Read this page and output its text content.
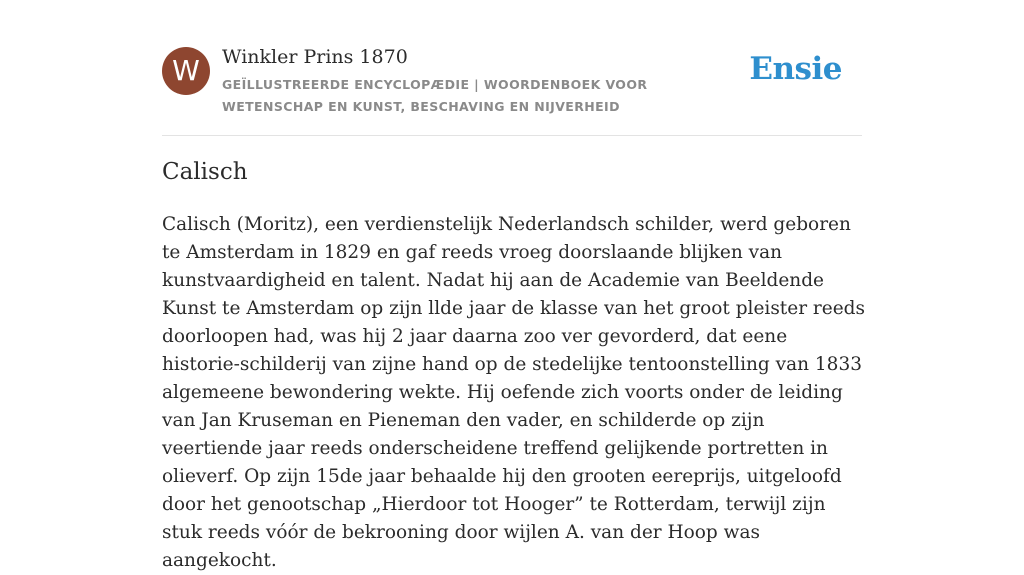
W	Winkler Prins 1870
GEÏLLUSTREERDE ENCYCLOPÆDIE | WOORDENBOEK VOOR WETENSCHAP EN KUNST, BESCHAVING EN NIJVERHEID
Ensie
Calisch

Calisch (Moritz), een verdienstelijk Nederlandsch schilder, werd geboren te Amsterdam in 1829 en gaf reeds vroeg doorslaande blijken van kunstvaardigheid en talent. Nadat hij aan de Academie van Beeldende Kunst te Amsterdam op zijn llde jaar de klasse van het groot pleister reeds doorloopen had, was hij 2 jaar daarna zoo ver gevorderd, dat eene historie-schilderij van zijne hand op de stedelijke tentoonstelling van 1833 algemeene bewondering wekte. Hij oefende zich voorts onder de leiding van Jan Kruseman en Pieneman den vader, en schilderde op zijn veertiende jaar reeds onderscheidene treffend gelijkende portretten in olieverf. Op zijn 15de jaar behaalde hij den grooten eereprijs, uitgeloofd door het genootschap „Hierdoor tot Hooger” te Rotterdam, terwijl zijn stuk reeds vóór de bekrooning door wijlen A. van der Hoop was aangekocht.
